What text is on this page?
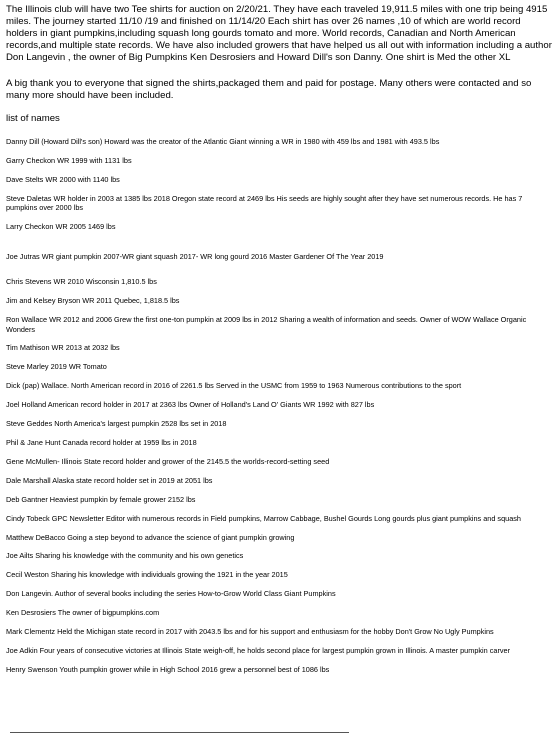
The Illinois club will have two Tee shirts for auction on 2/20/21. They have each traveled 19,911.5 miles with one trip being 4915 miles. The journey started 11/10 /19 and finished on 11/14/20 Each shirt has over 26 names ,10 of which are world record holders in giant pumpkins,including squash long gourds tomato and more. World records, Canadian and North American records,and multiple state records. We have also included growers that have helped us all out with information including a author Don Langevin , the owner of Big Pumpkins Ken Desrosiers and Howard Dill's son Danny. One shirt is Med the other XL

A big thank you to everyone that signed the shirts,packaged them and paid for postage. Many others were contacted and so many more should have been included.

list of names

Danny Dill (Howard Dill's son) Howard was the creator of the Atlantic Giant winning a WR in 1980 with 459 lbs and 1981 with 493.5 lbs

Garry Checkon WR 1999 with 1131 lbs

Dave Stelts WR 2000 with 1140 lbs

Steve Daletas WR holder in 2003 at 1385 lbs 2018 Oregon state record at 2469 lbs His seeds are highly sought after they have set numerous records. He has 7 pumpkins over 2000 lbs

Larry Checkon WR 2005 1469 lbs

Joe Jutras WR giant pumpkin 2007-WR giant squash 2017- WR long gourd 2016 Master Gardener Of The Year 2019

Chris Stevens WR 2010 Wisconsin 1,810.5 lbs

Jim and Kelsey Bryson WR 2011 Quebec, 1,818.5 lbs

Ron Wallace WR 2012 and 2006 Grew the first one-ton pumpkin at 2009 lbs in 2012 Sharing a wealth of information and seeds. Owner of WOW Wallace Organic Wonders

Tim Mathison WR 2013 at 2032 lbs

Steve Marley 2019 WR Tomato

Dick (pap) Wallace. North American record in 2016 of 2261.5 lbs Served in the USMC from 1959 to 1963 Numerous contributions to the sport

Joel Holland American record holder in 2017 at 2363 lbs Owner of Holland's Land O' Giants WR 1992 with 827 lbs

Steve Geddes North America's largest pumpkin 2528 lbs set in 2018

Phil & Jane Hunt Canada record holder at 1959 lbs in 2018

Gene McMullen- Illinois State record holder and grower of the 2145.5 the worlds-record-setting seed

Dale Marshall Alaska state record holder set in 2019 at 2051 lbs

Deb Gantner Heaviest pumpkin by female grower 2152 lbs

Cindy Tobeck GPC Newsletter Editor with numerous records in Field pumpkins, Marrow Cabbage, Bushel Gourds Long gourds plus giant pumpkins and squash

Matthew DeBacco Going a step beyond to advance the science of giant pumpkin growing

Joe Ailts Sharing his knowledge with the community and his own genetics

Cecil Weston Sharing his knowledge with individuals growing the 1921 in the year 2015

Don Langevin. Author of several books including the series How-to-Grow World Class Giant Pumpkins

Ken Desrosiers The owner of bigpumpkins.com

Mark Clementz Held the Michigan state record in 2017 with 2043.5 lbs and for his support and enthusiasm for the hobby Don't Grow No Ugly Pumpkins

Joe Adkin Four years of consecutive victories at Illinois State weigh-off, he holds second place for largest pumpkin grown in Illinois. A master pumpkin carver

Henry Swenson Youth pumpkin grower while in High School 2016 grew a personnel best of 1086 lbs
